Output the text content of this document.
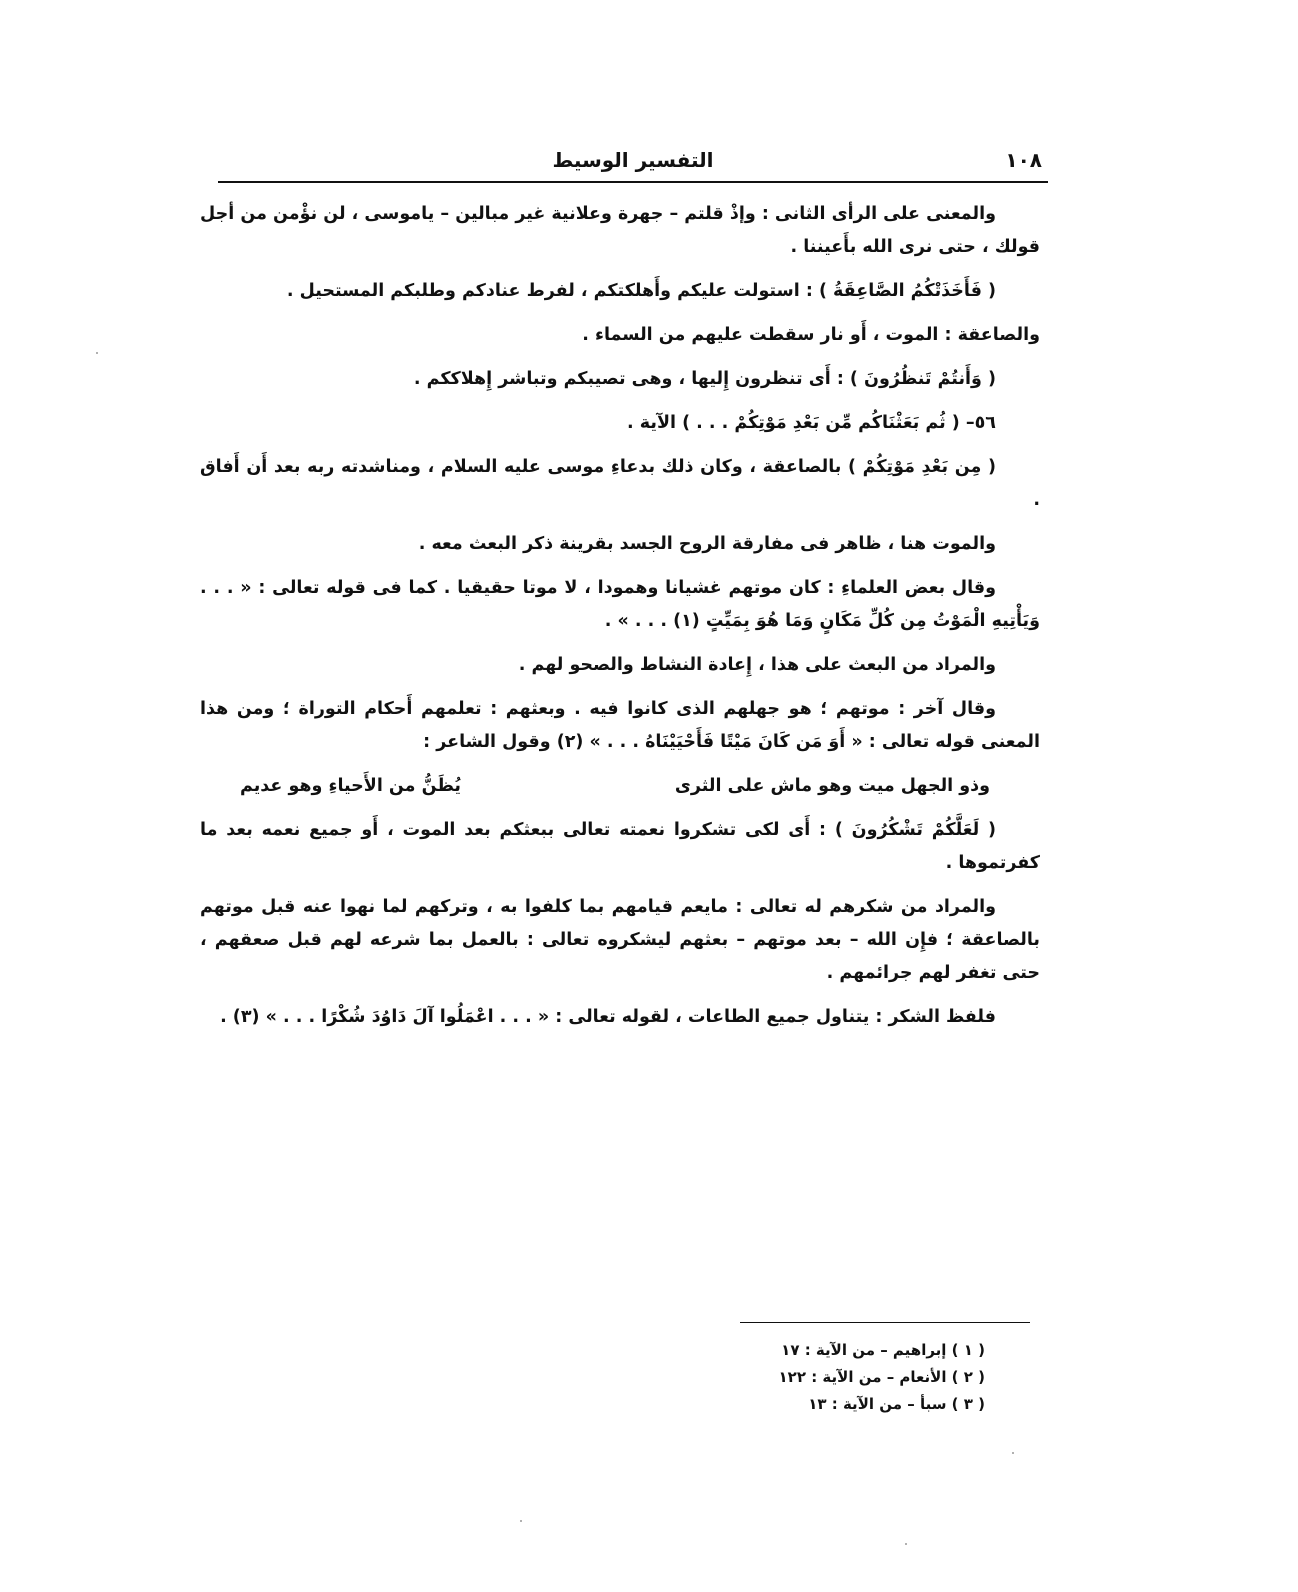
التفسير الوسيط	١٠٨

والمعنى على الرأى الثانى : وإذْ قلتم – جهرة وعلانية غير مبالين – ياموسى ، لن نؤْمن من أجل قولك ، حتى نرى الله بأَعيننا .

( فَأَخَذَتْكُمُ الصَّاعِقَةُ ) : استولت عليكم وأَهلكتكم ، لفرط عنادكم وطلبكم المستحيل .

والصاعقة : الموت ، أَو نار سقطت عليهم من السماء .

( وَأَنتُمْ تَنظُرُونَ ) : أَى تنظرون إِليها ، وهى تصيبكم وتباشر إِهلاككم .

٥٦– ( ثُم بَعَثْنَاكُم مِّن بَعْدِ مَوْتِكُمْ . . . ) الآية .

( مِن بَعْدِ مَوْتِكُمْ ) بالصاعقة ، وكان ذلك بدعاءِ موسى عليه السلام ، ومناشدته ربه بعد أَن أَفاق .

والموت هنا ، ظاهر فى مفارقة الروح الجسد بقرينة ذكر البعث معه .

وقال بعض العلماءِ : كان موتهم غشيانا وهمودا ، لا موتا حقيقيا . كما فى قوله تعالى : « . . . وَيَأْتِيهِ الْمَوْتُ مِن كُلِّ مَكَانٍ وَمَا هُوَ بِمَيِّتٍ (١) . . . » .

والمراد من البعث على هذا ، إِعادة النشاط والصحو لهم .

وقال آخر : موتهم ؛ هو جهلهم الذى كانوا فيه . وبعثهم : تعلمهم أَحكام التوراة ؛ ومن هذا المعنى قوله تعالى : « أَوَ مَن كَانَ مَيْتًا فَأَحْيَيْنَاهُ . . . » (٢) وقول الشاعر :

وذو الجهل ميت وهو ماش على الثرى
يُظَنُّ من الأَحياءِ وهو عديم

( لَعَلَّكُمْ تَشْكُرُونَ ) : أَى لكى تشكروا نعمته تعالى ببعثكم بعد الموت ، أَو جميع نعمه بعد ما كفرتموها .

والمراد من شكرهم له تعالى : مايعم قيامهم بما كلفوا به ، وتركهم لما نهوا عنه قبل موتهم بالصاعقة ؛ فإِن الله – بعد موتهم – بعثهم ليشكروه تعالى : بالعمل بما شرعه لهم قبل صعقهم ، حتى تغفر لهم جرائمهم .

فلفظ الشكر : يتناول جميع الطاعات ، لقوله تعالى : « . . . اعْمَلُوا آلَ دَاوُدَ شُكْرًا . . . » (٣) .

( ١ ) إبراهيم – من الآية : ١٧
( ٢ ) الأنعام – من الآية : ١٢٢
( ٣ ) سبأ – من الآية : ١٣
